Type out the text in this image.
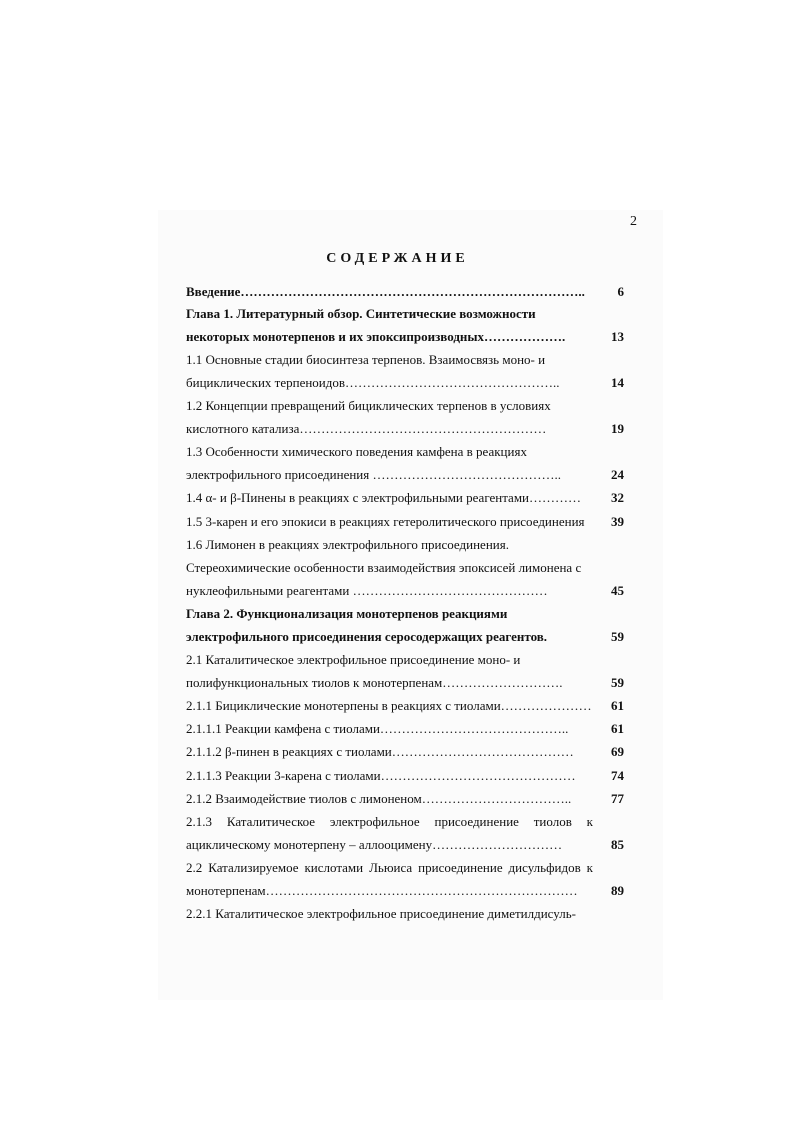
2
СОДЕРЖАНИЕ
Введение……………………………………………………………………..	6
Глава 1. Литературный обзор. Синтетические возможности
некоторых монотерпенов и их эпоксипроизводных……………….	13
1.1 Основные стадии биосинтеза терпенов. Взаимосвязь моно- и
бициклических терпеноидов…………………………………………..	14
1.2 Концепции превращений бициклических терпенов в условиях
кислотного катализа…………………………………………………	19
1.3 Особенности химического поведения камфена в реакциях
электрофильного присоединения ……………………………………..	24
1.4 α- и β-Пинены в реакциях с электрофильными реагентами…………	32
1.5 3-карен и его эпокиси в реакциях гетеролитического присоединения	39
1.6 Лимонен в реакциях электрофильного присоединения.
Стереохимические особенности взаимодействия эпоксисей лимонена с
нуклеофильными реагентами ………………………………………	45
Глава 2. Функционализация монотерпенов реакциями
электрофильного присоединения серосодержащих реагентов.	59
2.1 Каталитическое электрофильное присоединение моно- и
полифункциональных тиолов к монотерпенам……………………….	59
2.1.1 Бициклические монотерпены в реакциях с тиолами…………………	61
2.1.1.1 Реакции камфена с тиолами……………………………………..	61
2.1.1.2 β-пинен в реакциях с тиолами……………………………………	69
2.1.1.3 Реакции 3-карена с тиолами………………………………………	74
2.1.2 Взаимодействие тиолов с лимоненом……………………………..	77
2.1.3 Каталитическое электрофильное присоединение тиолов к
ациклическому монотерпену – аллооцимену…………………………	85
2.2 Катализируемое кислотами Льюиса присоединение дисульфидов к
монотерпенам………………………………………………………………	89
2.2.1 Каталитическое электрофильное присоединение диметилдисуль-
